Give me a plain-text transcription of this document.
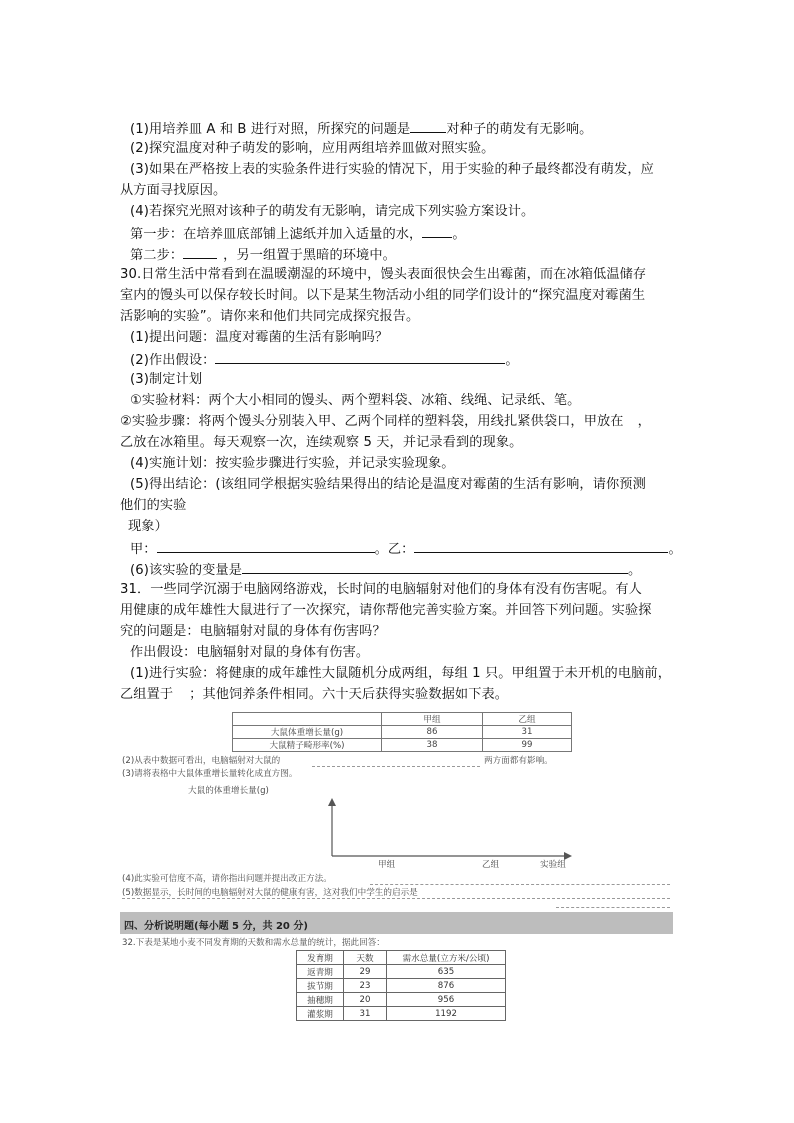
(1)用培养皿 A 和 B 进行对照，所探究的问题是	对种子的萌发有无影响。
(2)探究温度对种子萌发的影响，应用两组培养皿做对照实验。
(3)如果在严格按上表的实验条件进行实验的情况下，用于实验的种子最终都没有萌发，应
从方面寻找原因。
(4)若探究光照对该种子的萌发有无影响，请完成下列实验方案设计。
第一步：在培养皿底部铺上滤纸并加入适量的水， 。
第二步：	，另一组置于黑暗的环境中。
30.日常生活中常看到在温暖潮湿的环境中，馒头表面很快会生出霉菌，而在冰箱低温储存
室内的馒头可以保存较长时间。以下是某生物活动小组的同学们设计的“探究温度对霉菌生
活影响的实验”。请你来和他们共同完成探究报告。
(1)提出问题：温度对霉菌的生活有影响吗？
(2)作出假设：	。
(3)制定计划
①实验材料：两个大小相同的馒头、两个塑料袋、冰箱、线绳、记录纸、笔。
②实验步骤：将两个馒头分别装入甲、乙两个同样的塑料袋，用线扎紧供袋口，甲放在 ，
乙放在冰箱里。每天观察一次，连续观察 5 天，并记录看到的现象。
(4)实施计划：按实验步骤进行实验，并记录实验现象。
(5)得出结论：(该组同学根据实验结果得出的结论是温度对霉菌的生活有影响，请你预测
他们的实验
现象）
甲：	。乙：	。
(6)该实验的变量是	。
31．一些同学沉溺于电脑网络游戏，长时间的电脑辐射对他们的身体有没有伤害呢。有人
用健康的成年雄性大鼠进行了一次探究，请你帮他完善实验方案。并回答下列问题。实验探
究的问题是：电脑辐射对鼠的身体有伤害吗？
作出假设：电脑辐射对鼠的身体有伤害。
(1)进行实验：将健康的成年雄性大鼠随机分成两组，每组 1 只。甲组置于未开机的电脑前，
乙组置于 ；其他饲养条件相同。六十天后获得实验数据如下表。
	甲组	乙组
大鼠体重增长量(g)	86	31
大鼠精子畸形率(%)	38	99
(2)从表中数据可看出，电脑辐射对大鼠的	两方面都有影响。
(3)请将表格中大鼠体重增长量转化成直方图。
大鼠的体重增长量(g)
甲组	乙组	实验组
(4)此实验可信度不高，请你指出问题并提出改正方法。
(5)数据显示，长时间的电脑辐射对大鼠的健康有害，这对我们中学生的启示是
四、分析说明题(每小题 5 分，共 20 分)
32.下表是某地小麦不同发育期的天数和需水总量的统计，据此回答：
发育期	天数	需水总量(立方米/公顷)
返青期	29	635
拔节期	23	876
抽穗期	20	956
灌浆期	31	1192
